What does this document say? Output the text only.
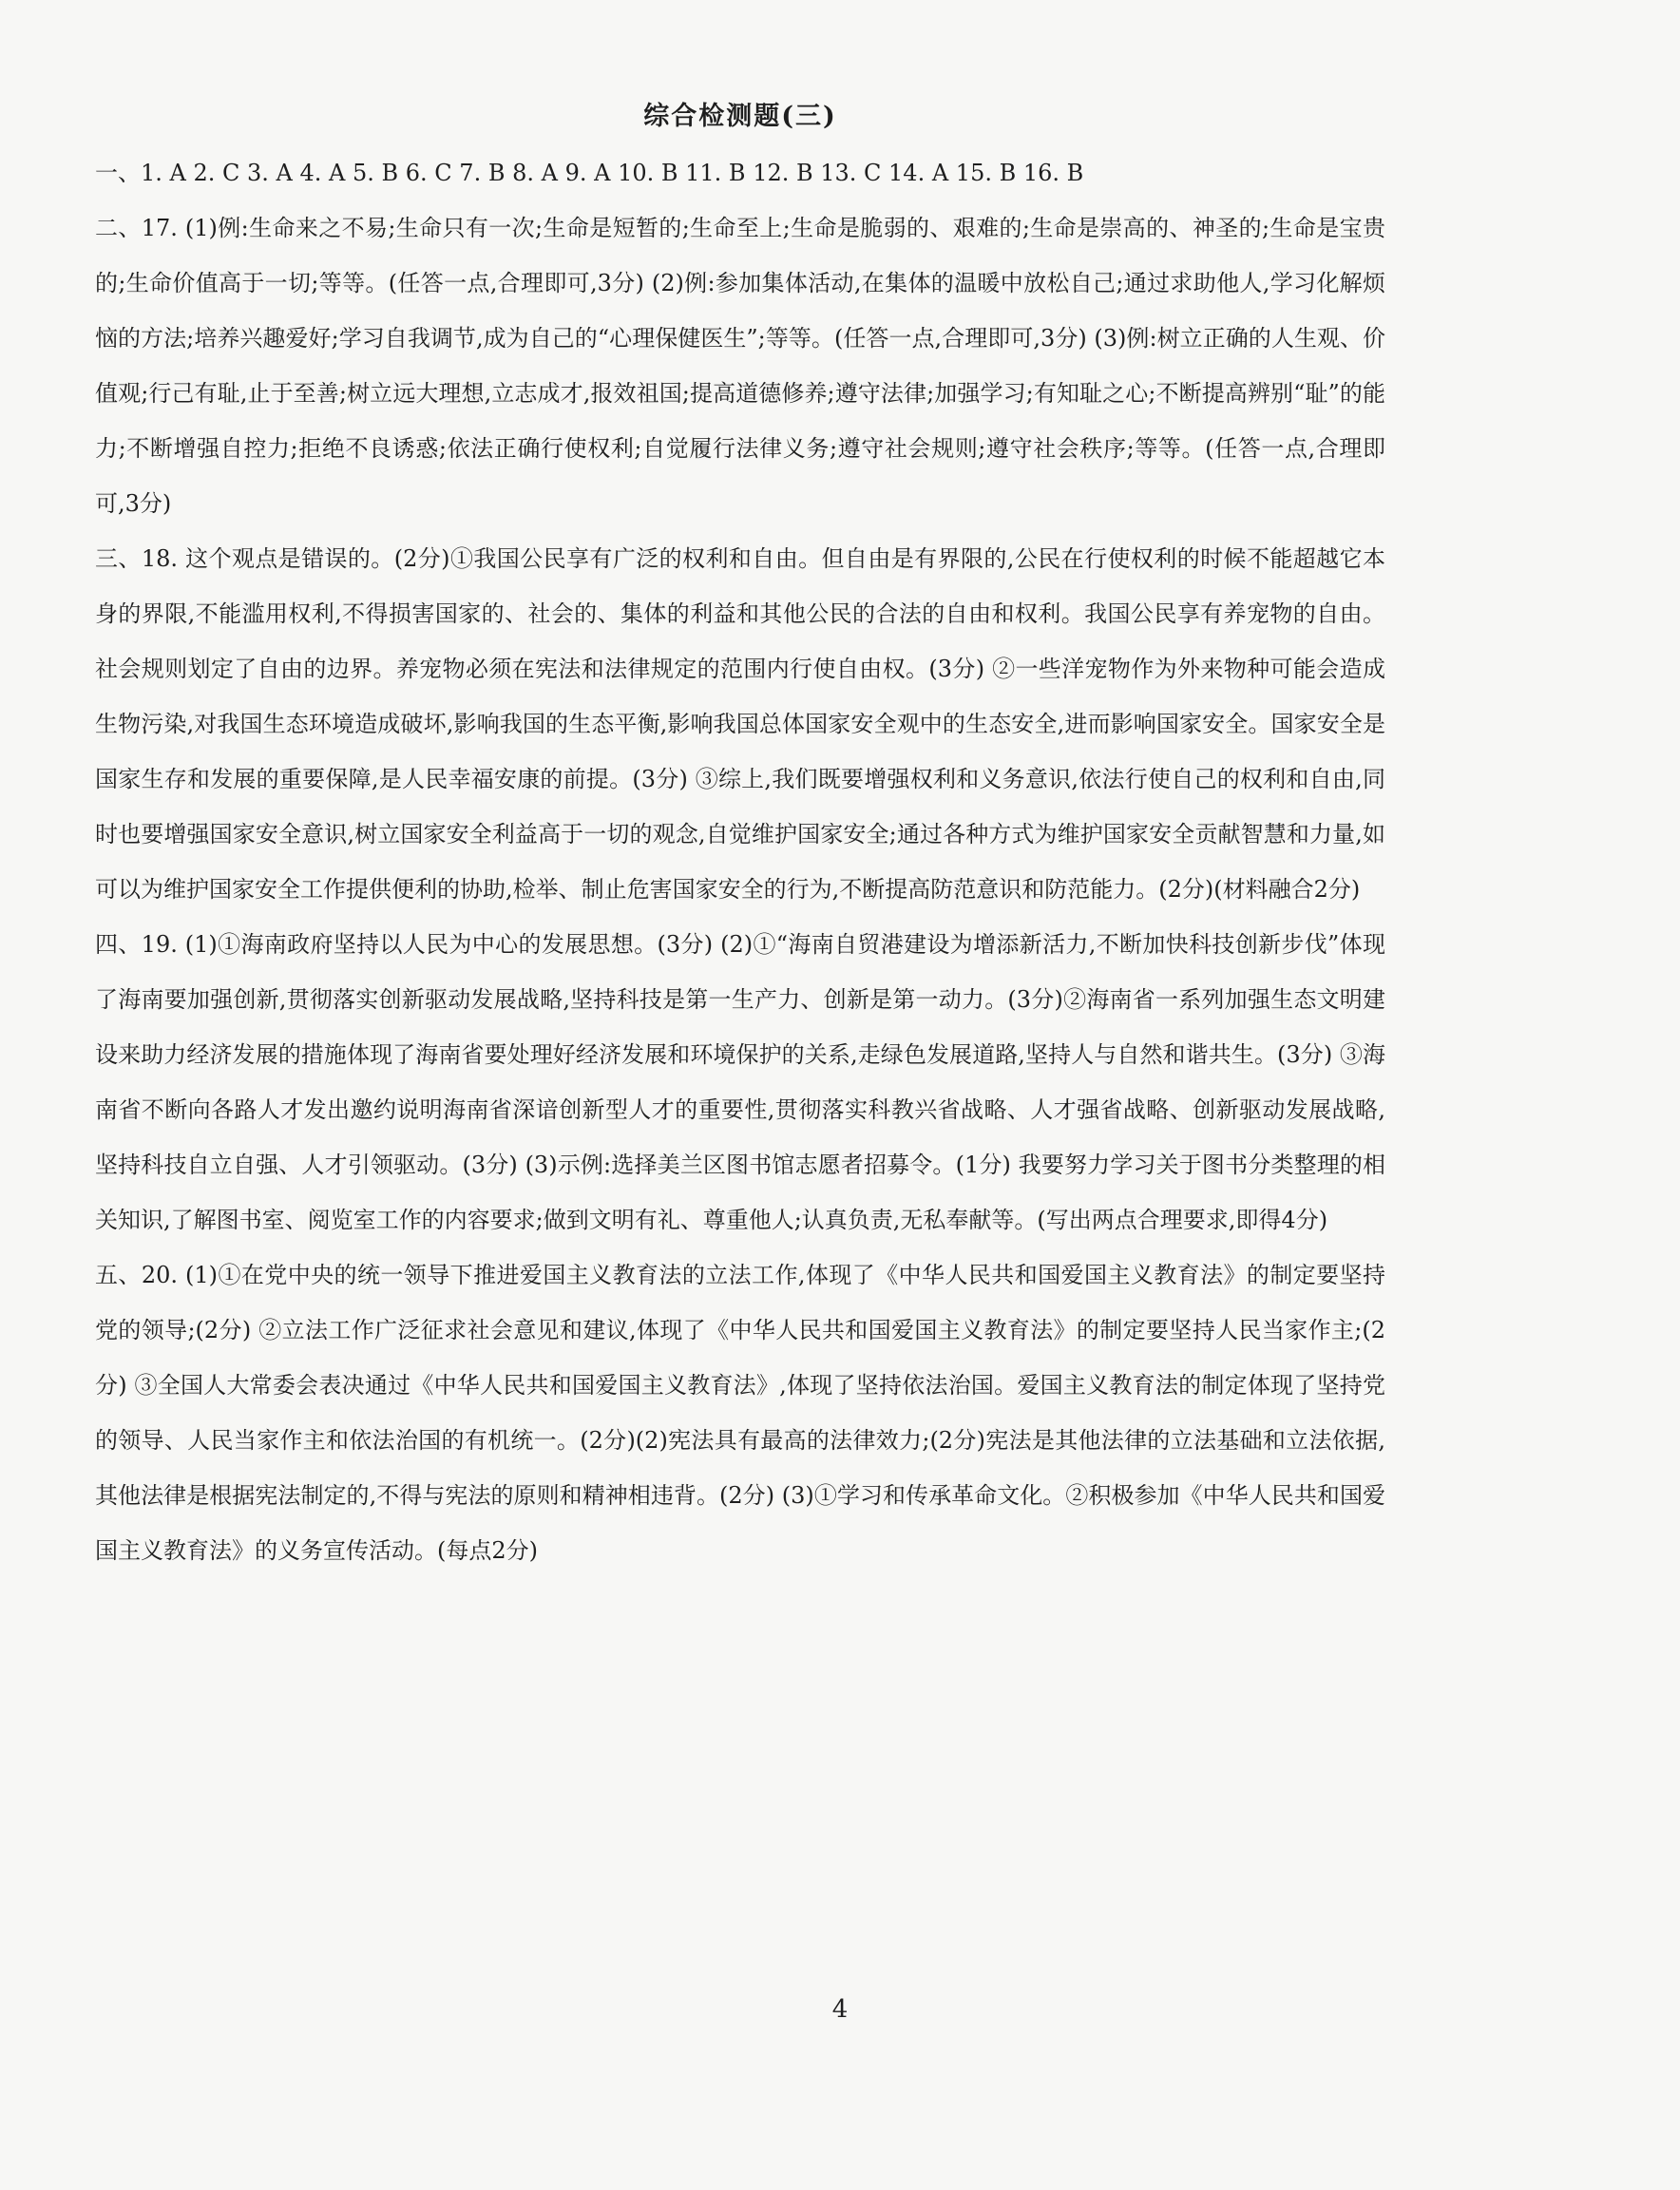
综合检测题(三)

一、1. A 2. C 3. A 4. A 5. B 6. C 7. B 8. A 9. A 10. B 11. B 12. B 13. C 14. A 15. B 16. B

二、17. (1)例:生命来之不易;生命只有一次;生命是短暂的;生命至上;生命是脆弱的、艰难的;生命是崇高的、神圣的;生命是宝贵的;生命价值高于一切;等等。(任答一点,合理即可,3分) (2)例:参加集体活动,在集体的温暖中放松自己;通过求助他人,学习化解烦恼的方法;培养兴趣爱好;学习自我调节,成为自己的“心理保健医生”;等等。(任答一点,合理即可,3分) (3)例:树立正确的人生观、价值观;行己有耻,止于至善;树立远大理想,立志成才,报效祖国;提高道德修养;遵守法律;加强学习;有知耻之心;不断提高辨别“耻”的能力;不断增强自控力;拒绝不良诱惑;依法正确行使权利;自觉履行法律义务;遵守社会规则;遵守社会秩序;等等。(任答一点,合理即可,3分)

三、18. 这个观点是错误的。(2分)①我国公民享有广泛的权利和自由。但自由是有界限的,公民在行使权利的时候不能超越它本身的界限,不能滥用权利,不得损害国家的、社会的、集体的利益和其他公民的合法的自由和权利。我国公民享有养宠物的自由。社会规则划定了自由的边界。养宠物必须在宪法和法律规定的范围内行使自由权。(3分) ②一些洋宠物作为外来物种可能会造成生物污染,对我国生态环境造成破坏,影响我国的生态平衡,影响我国总体国家安全观中的生态安全,进而影响国家安全。国家安全是国家生存和发展的重要保障,是人民幸福安康的前提。(3分) ③综上,我们既要增强权利和义务意识,依法行使自己的权利和自由,同时也要增强国家安全意识,树立国家安全利益高于一切的观念,自觉维护国家安全;通过各种方式为维护国家安全贡献智慧和力量,如可以为维护国家安全工作提供便利的协助,检举、制止危害国家安全的行为,不断提高防范意识和防范能力。(2分)(材料融合2分)

四、19. (1)①海南政府坚持以人民为中心的发展思想。(3分) (2)①“海南自贸港建设为增添新活力,不断加快科技创新步伐”体现了海南要加强创新,贯彻落实创新驱动发展战略,坚持科技是第一生产力、创新是第一动力。(3分)②海南省一系列加强生态文明建设来助力经济发展的措施体现了海南省要处理好经济发展和环境保护的关系,走绿色发展道路,坚持人与自然和谐共生。(3分) ③海南省不断向各路人才发出邀约说明海南省深谙创新型人才的重要性,贯彻落实科教兴省战略、人才强省战略、创新驱动发展战略,坚持科技自立自强、人才引领驱动。(3分) (3)示例:选择美兰区图书馆志愿者招募令。(1分) 我要努力学习关于图书分类整理的相关知识,了解图书室、阅览室工作的内容要求;做到文明有礼、尊重他人;认真负责,无私奉献等。(写出两点合理要求,即得4分)

五、20. (1)①在党中央的统一领导下推进爱国主义教育法的立法工作,体现了《中华人民共和国爱国主义教育法》的制定要坚持党的领导;(2分) ②立法工作广泛征求社会意见和建议,体现了《中华人民共和国爱国主义教育法》的制定要坚持人民当家作主;(2分) ③全国人大常委会表决通过《中华人民共和国爱国主义教育法》,体现了坚持依法治国。爱国主义教育法的制定体现了坚持党的领导、人民当家作主和依法治国的有机统一。(2分)(2)宪法具有最高的法律效力;(2分)宪法是其他法律的立法基础和立法依据,其他法律是根据宪法制定的,不得与宪法的原则和精神相违背。(2分) (3)①学习和传承革命文化。②积极参加《中华人民共和国爱国主义教育法》的义务宣传活动。(每点2分)

4
